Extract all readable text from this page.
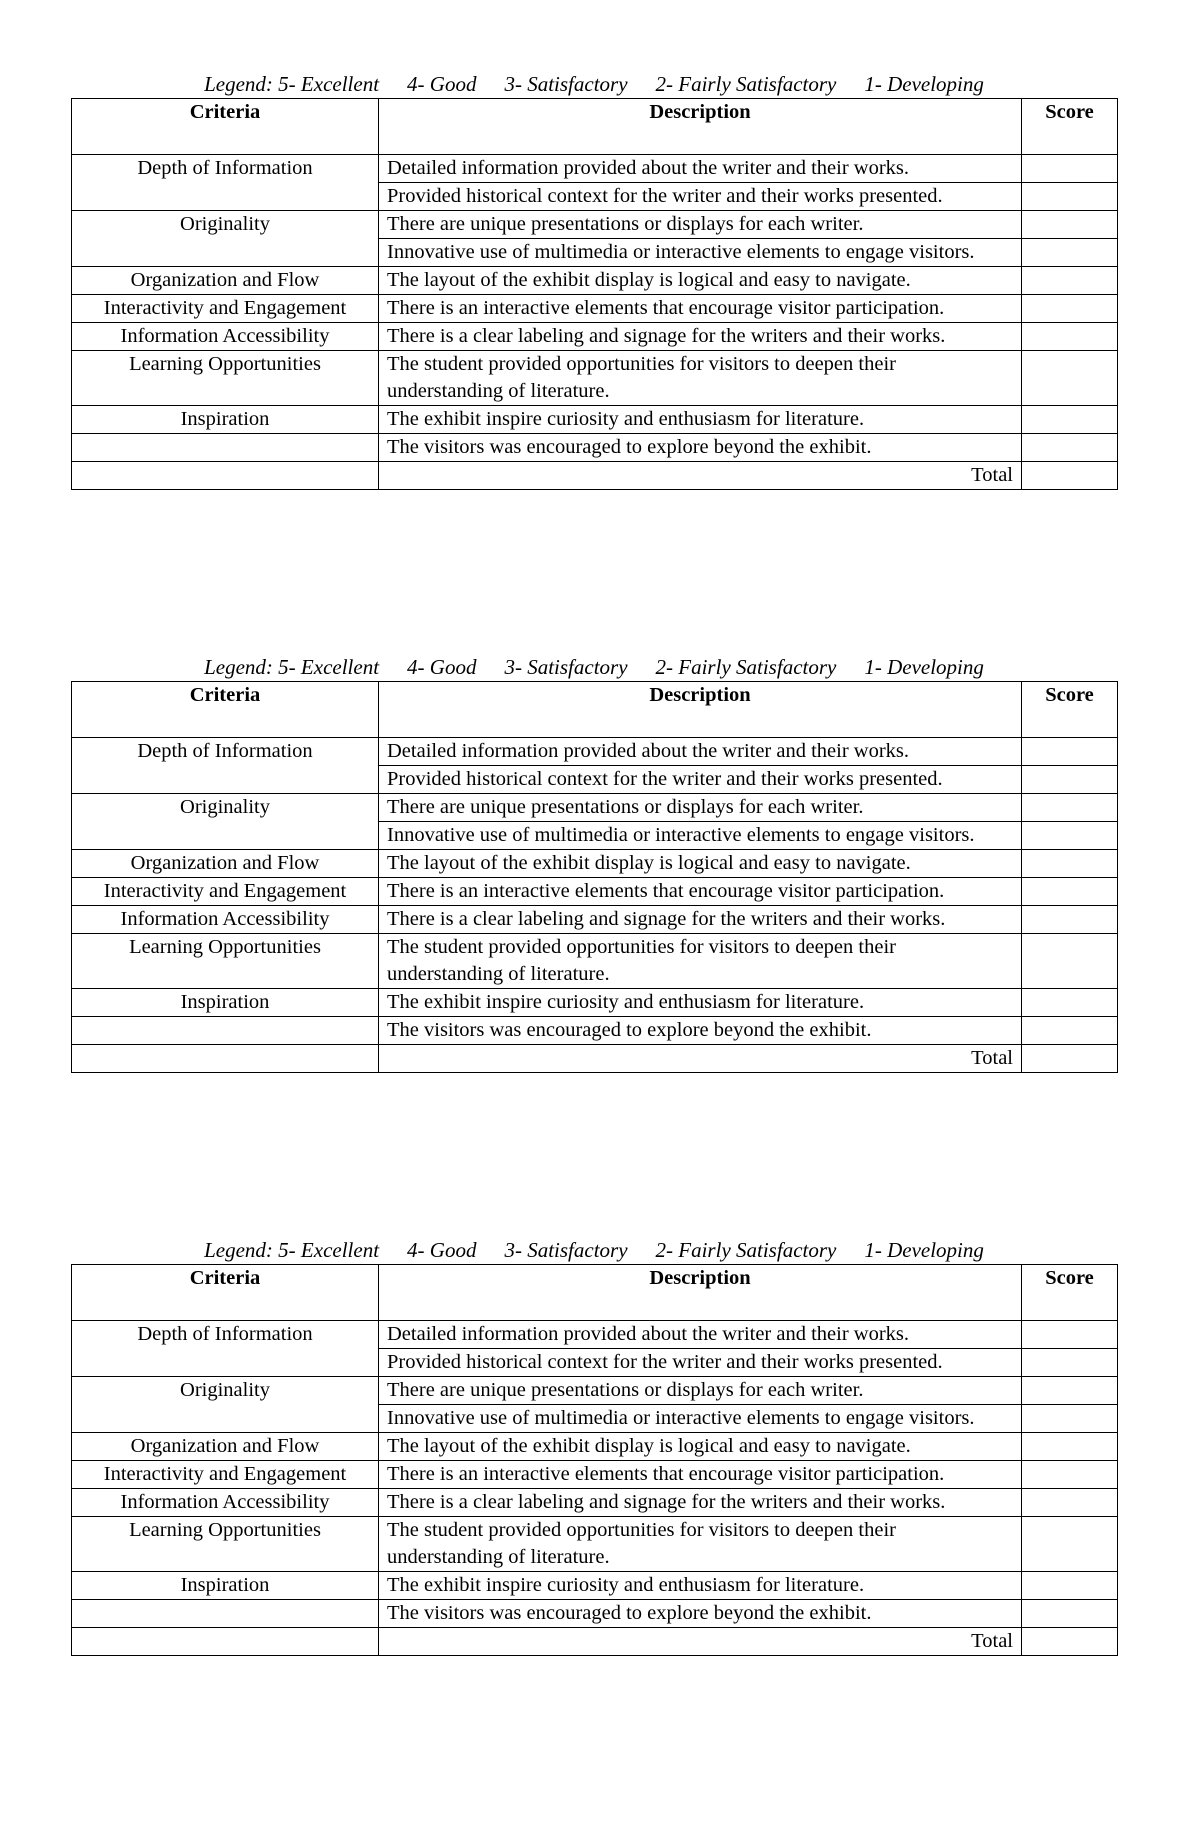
Legend: 5- Excellent 4- Good 3- Satisfactory 2- Fairly Satisfactory 1- Developing
Criteria	Description	Score
Depth of Information	Detailed information provided about the writer and their works.	
	Provided historical context for the writer and their works presented.	
Originality	There are unique presentations or displays for each writer.	
	Innovative use of multimedia or interactive elements to engage visitors.	
Organization and Flow	The layout of the exhibit display is logical and easy to navigate.	
Interactivity and Engagement	There is an interactive elements that encourage visitor participation.	
Information Accessibility	There is a clear labeling and signage for the writers and their works.	
Learning Opportunities	The student provided opportunities for visitors to deepen their understanding of literature.	
Inspiration	The exhibit inspire curiosity and enthusiasm for literature.	
	The visitors was encouraged to explore beyond the exhibit.	
	Total	
Legend: 5- Excellent 4- Good 3- Satisfactory 2- Fairly Satisfactory 1- Developing
Criteria	Description	Score
Depth of Information	Detailed information provided about the writer and their works.	
	Provided historical context for the writer and their works presented.	
Originality	There are unique presentations or displays for each writer.	
	Innovative use of multimedia or interactive elements to engage visitors.	
Organization and Flow	The layout of the exhibit display is logical and easy to navigate.	
Interactivity and Engagement	There is an interactive elements that encourage visitor participation.	
Information Accessibility	There is a clear labeling and signage for the writers and their works.	
Learning Opportunities	The student provided opportunities for visitors to deepen their understanding of literature.	
Inspiration	The exhibit inspire curiosity and enthusiasm for literature.	
	The visitors was encouraged to explore beyond the exhibit.	
	Total	
Legend: 5- Excellent 4- Good 3- Satisfactory 2- Fairly Satisfactory 1- Developing
Criteria	Description	Score
Depth of Information	Detailed information provided about the writer and their works.	
	Provided historical context for the writer and their works presented.	
Originality	There are unique presentations or displays for each writer.	
	Innovative use of multimedia or interactive elements to engage visitors.	
Organization and Flow	The layout of the exhibit display is logical and easy to navigate.	
Interactivity and Engagement	There is an interactive elements that encourage visitor participation.	
Information Accessibility	There is a clear labeling and signage for the writers and their works.	
Learning Opportunities	The student provided opportunities for visitors to deepen their understanding of literature.	
Inspiration	The exhibit inspire curiosity and enthusiasm for literature.	
	The visitors was encouraged to explore beyond the exhibit.	
	Total	
